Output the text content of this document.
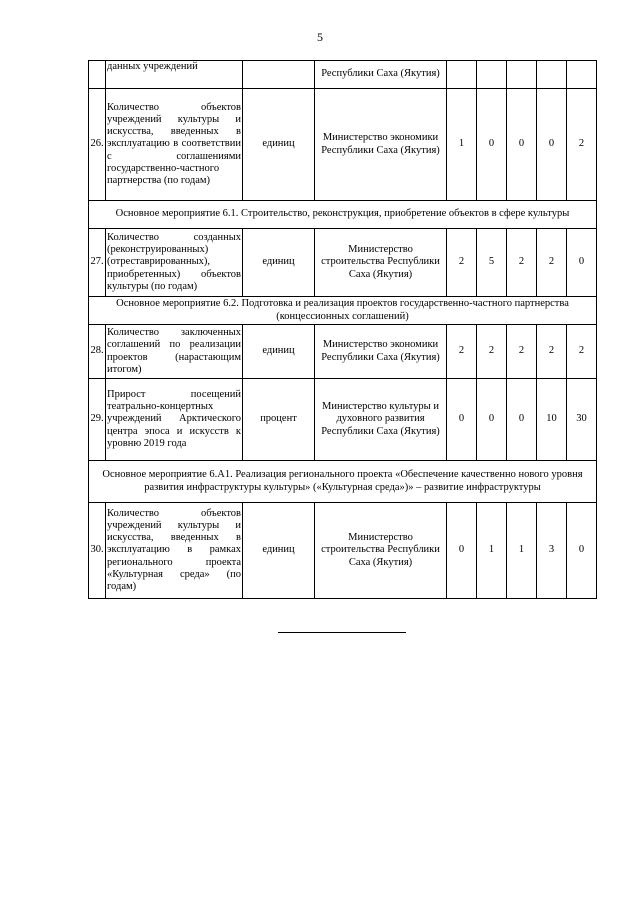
5
	данных учреждений		Республики Саха (Якутия)					
26.	Количество объектов учреждений культуры и искусства, введенных в эксплуатацию в соответствии с соглашениями государственно-частного партнерства (по годам)	единиц	Министерство экономики Республики Саха (Якутия)	1	0	0	0	2
Основное мероприятие 6.1. Строительство, реконструкция, приобретение объектов в сфере культуры								
27.	Количество созданных (реконструированных) (отреставрированных), приобретенных) объектов культуры (по годам)	единиц	Министерство строительства Республики Саха (Якутия)	2	5	2	2	0
Основное мероприятие 6.2. Подготовка и реализация проектов государственно-частного партнерства (концессионных соглашений)								
28.	Количество заключенных соглашений по реализации проектов (нарастающим итогом)	единиц	Министерство экономики Республики Саха (Якутия)	2	2	2	2	2
29.	Прирост посещений театрально-концертных учреждений Арктического центра эпоса и искусств к уровню 2019 года	процент	Министерство культуры и духовного развития Республики Саха (Якутия)	0	0	0	10	30
Основное мероприятие 6.А1. Реализация регионального проекта «Обеспечение качественно нового уровня развития инфраструктуры культуры» («Культурная среда»)» – развитие инфраструктуры								
30.	Количество объектов учреждений культуры и искусства, введенных в эксплуатацию в рамках регионального проекта «Культурная среда» (по годам)	единиц	Министерство строительства Республики Саха (Якутия)	0	1	1	3	0
